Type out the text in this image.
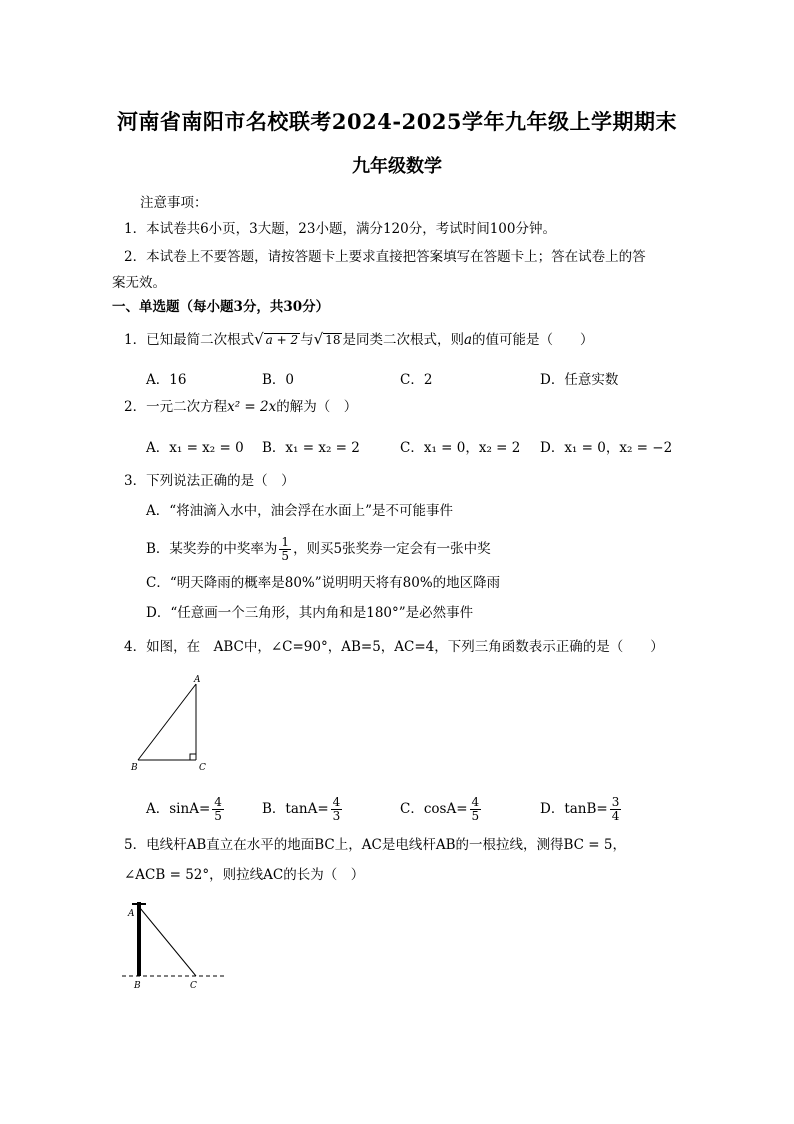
河南省南阳市名校联考2024-2025学年九年级上学期期末
九年级数学
注意事项：
1．本试卷共6小页，3大题，23小题，满分120分，考试时间100分钟。
2．本试卷上不要答题，请按答题卡上要求直接把答案填写在答题卡上；答在试卷上的答
案无效。
一、单选题（每小题3分，共30分）
1．已知最简二次根式√ a + 2 与√ 18 是同类二次根式，则a的值可能是（　　）
A．16	B．0	C．2	D．任意实数
2．一元二次方程x² = 2x的解为（　）
A．x₁ = x₂ = 0 B．x₁ = x₂ = 2	C．x₁ = 0，x₂ = 2 D．x₁ = 0，x₂ = −2
3．下列说法正确的是（　）
A．“将油滴入水中，油会浮在水面上”是不可能事件
B．某奖券的中奖率为 $\frac{1}{5}$ ，则买5张奖券一定会有一张中奖
C．“明天降雨的概率是80%”说明明天将有80%的地区降雨
D．“任意画一个三角形，其内角和是180°”是必然事件
4．如图，在　ABC中，∠C=90°，AB=5，AC=4，下列三角函数表示正确的是（　　）
A
B	C
A．$\sin A= \frac{4}{5}$	B．$\tan A= \frac{4}{3}$	C．$\cos A= \frac{4}{5}$	D．$\tan B= \frac{3}{4}$
5．电线杆AB直立在水平的地面BC上，AC是电线杆AB的一根拉线，测得BC = 5，
∠ACB = 52°，则拉线AC的长为（　）
A
B	C
